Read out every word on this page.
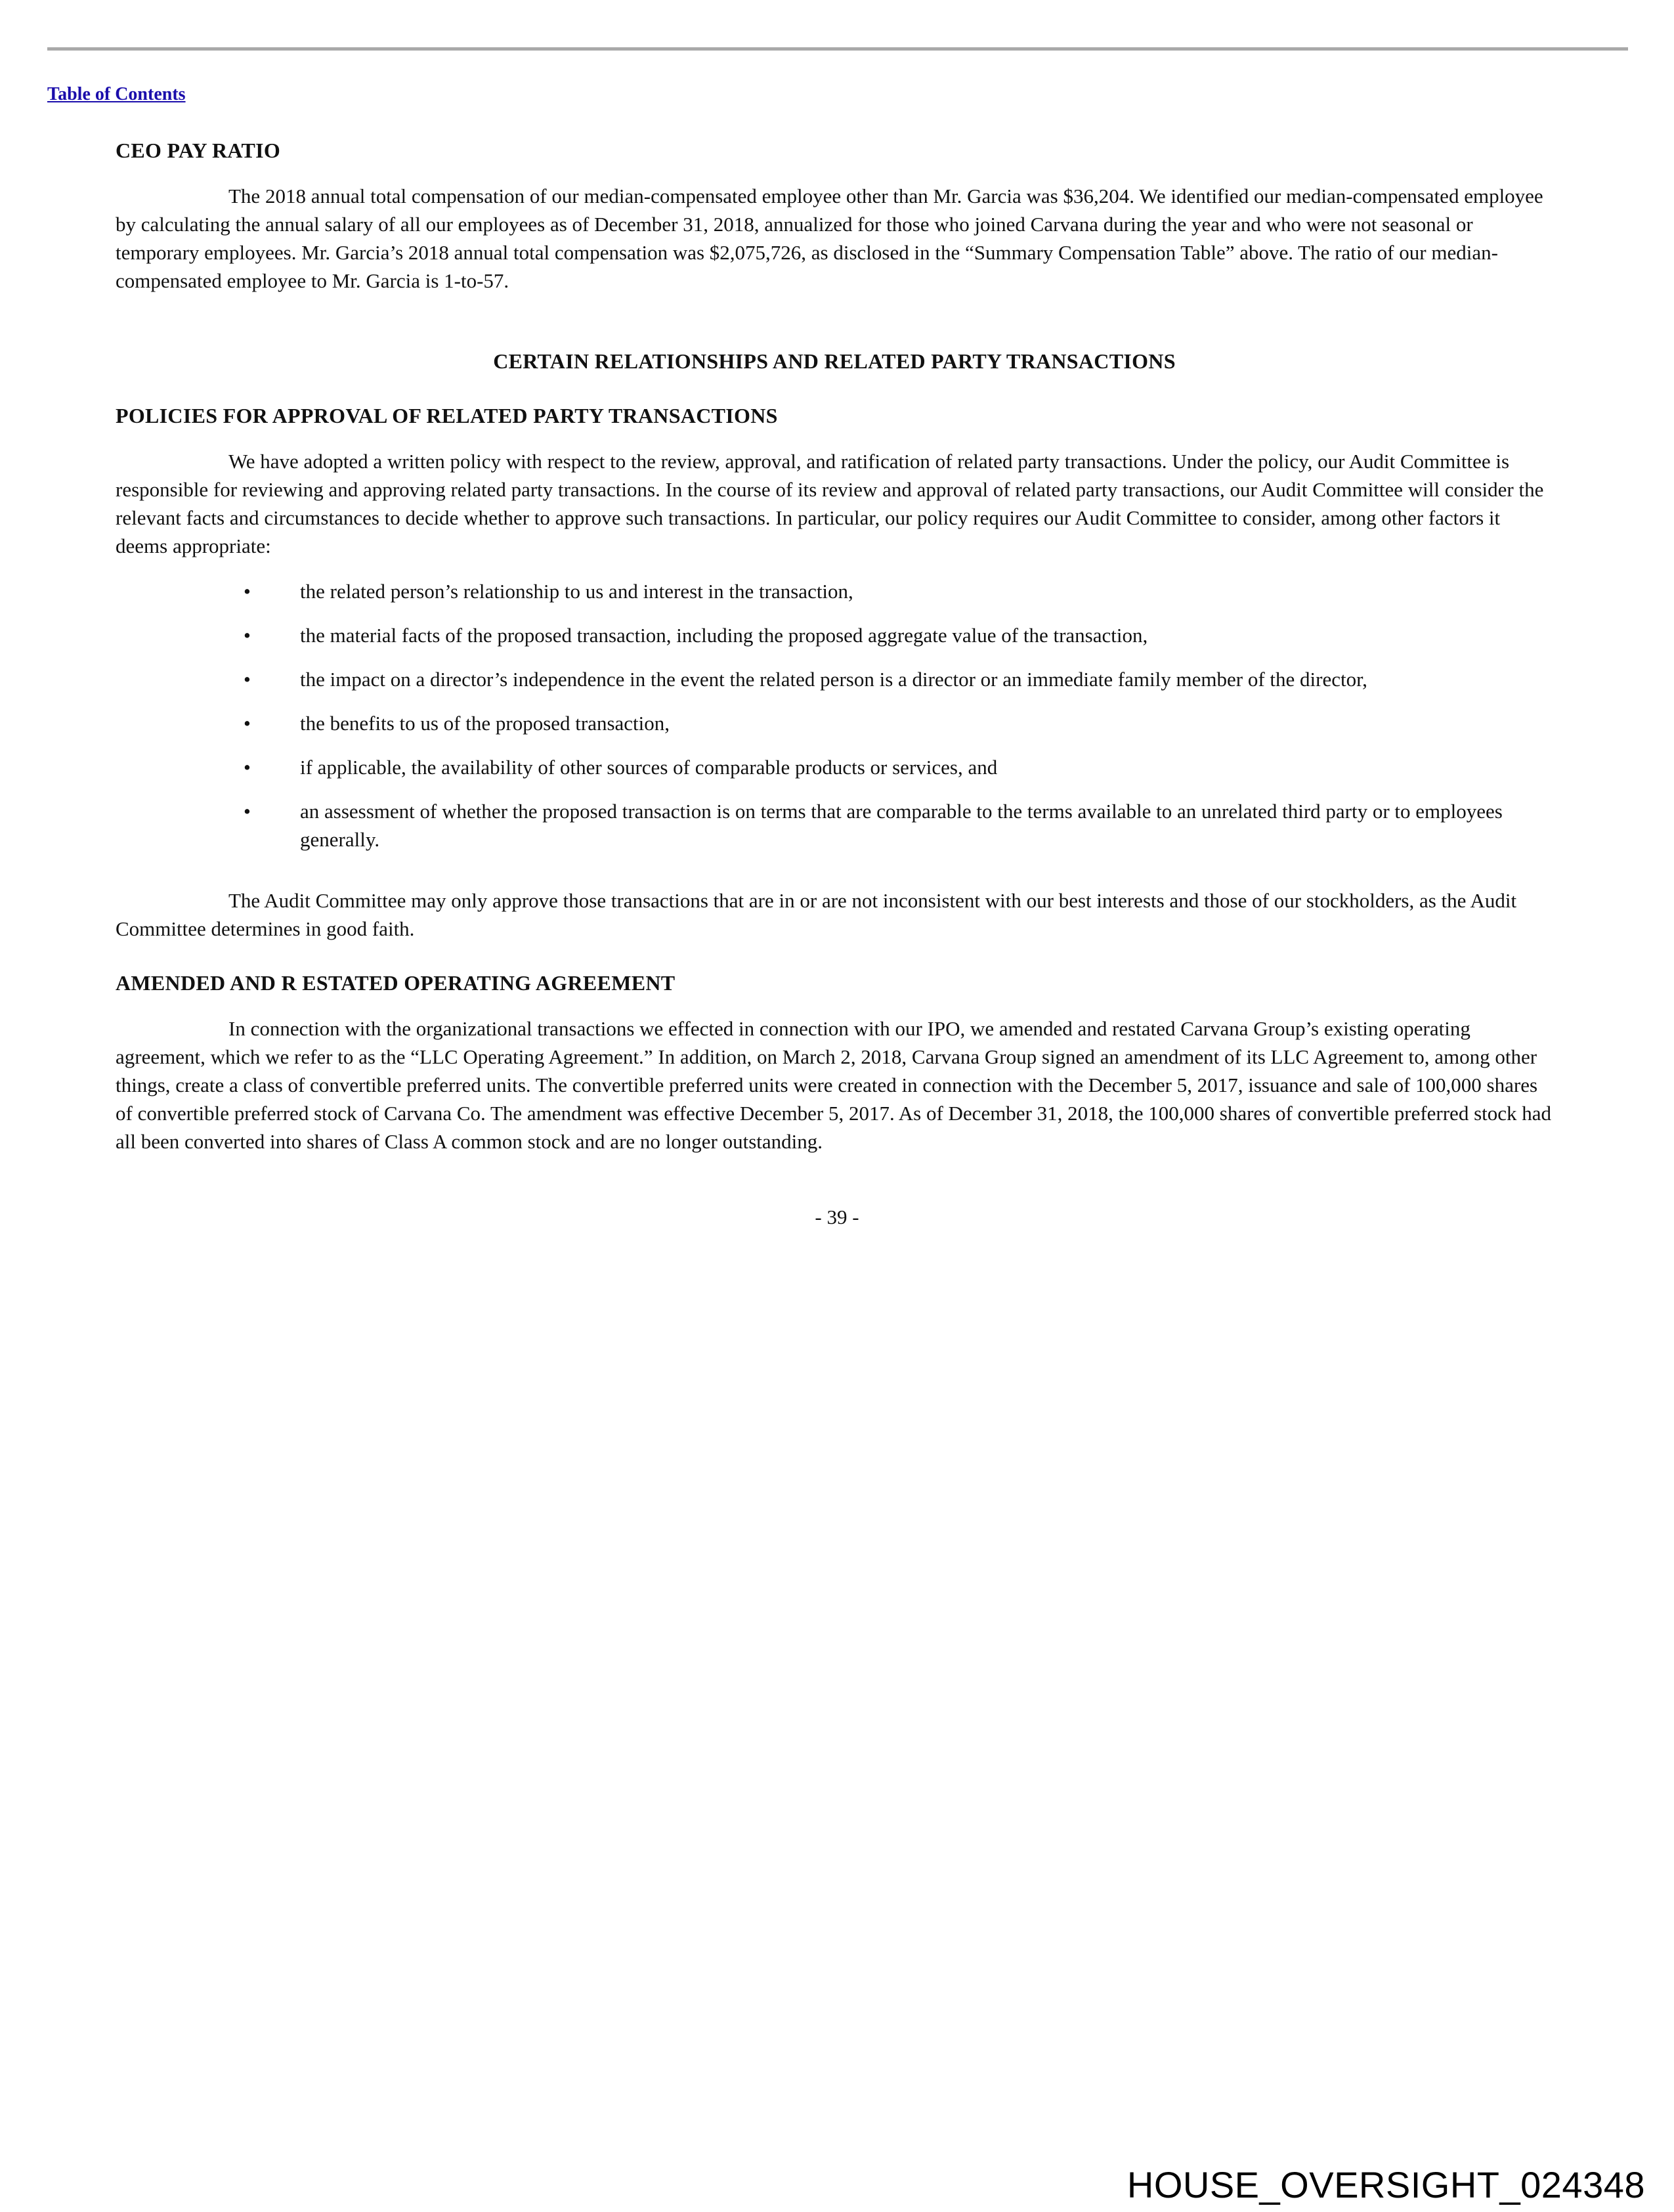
Table of Contents
CEO PAY RATIO

The 2018 annual total compensation of our median-compensated employee other than Mr. Garcia was $36,204. We identified our median-compensated employee by calculating the annual salary of all our employees as of December 31, 2018, annualized for those who joined Carvana during the year and who were not seasonal or temporary employees. Mr. Garcia’s 2018 annual total compensation was $2,075,726, as disclosed in the “Summary Compensation Table” above. The ratio of our median-compensated employee to Mr. Garcia is 1-to-57.

CERTAIN RELATIONSHIPS AND RELATED PARTY TRANSACTIONS
POLICIES FOR APPROVAL OF RELATED PARTY TRANSACTIONS

We have adopted a written policy with respect to the review, approval, and ratification of related party transactions. Under the policy, our Audit Committee is responsible for reviewing and approving related party transactions. In the course of its review and approval of related party transactions, our Audit Committee will consider the relevant facts and circumstances to decide whether to approve such transactions. In particular, our policy requires our Audit Committee to consider, among other factors it deems appropriate:

• the related person’s relationship to us and interest in the transaction,
• the material facts of the proposed transaction, including the proposed aggregate value of the transaction,
• the impact on a director’s independence in the event the related person is a director or an immediate family member of the director,
• the benefits to us of the proposed transaction,
• if applicable, the availability of other sources of comparable products or services, and
• an assessment of whether the proposed transaction is on terms that are comparable to the terms available to an unrelated third party or to employees generally.

The Audit Committee may only approve those transactions that are in or are not inconsistent with our best interests and those of our stockholders, as the Audit Committee determines in good faith.

AMENDED AND R ESTATED OPERATING AGREEMENT

In connection with the organizational transactions we effected in connection with our IPO, we amended and restated Carvana Group’s existing operating agreement, which we refer to as the “LLC Operating Agreement.” In addition, on March 2, 2018, Carvana Group signed an amendment of its LLC Agreement to, among other things, create a class of convertible preferred units. The convertible preferred units were created in connection with the December 5, 2017, issuance and sale of 100,000 shares of convertible preferred stock of Carvana Co. The amendment was effective December 5, 2017. As of December 31, 2018, the 100,000 shares of convertible preferred stock had all been converted into shares of Class A common stock and are no longer outstanding.

- 39 -
HOUSE_OVERSIGHT_024348
